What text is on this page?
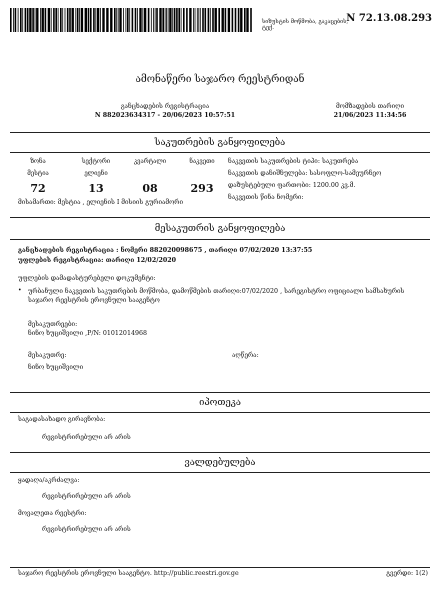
სიზუსტის მოწმობა, გაკაცების, ტექ.
N 72.13.08.293
ამონაწერი საჯარო რეესტრიდან
განცხადების რეგისტრაცია
N 882023634317 - 20/06/2023 10:57:51
მომზადების თარიღი
21/06/2023 11:34:56
საკუთრების განყოფილება
ზონა	სექტორი	კვარტალი	ნაკვეთი
მესტია	ელიენი
72	13	08	293
მისამართი: მესტია , ელიენის I მისიის გურიამორი
ნაკვეთის საკუთრების ტიპი: საკუთრება
ნაკვეთის დანიშნულება: სასოფლო-სამეურნეო
დაზუსტებული ფართობი: 1200.00 კვ.მ.
ნაკვეთის წინა ნომერი:
მესაკუთრის განყოფილება
განცხადების რეგისტრაცია : ნომერი 882020098675 , თარიღი 07/02/2020 13:37:55
უფლების რეგისტრაცია: თარიღი 12/02/2020
უფლების დამადასტურებელი დოკუმენტი:
• ურბანული ნაკვეთის საკუთრების მოწმობა, დამოწმების თარიღი:07/02/2020 , სარეგისტრო ოფიციალი სამსახურის საჯარო რეესტრის ეროვნული სააგენტო
მესაკუთრეები:
ნინო ხუციშვილი ,P/N: 01012014968
მესაკუთრე:
ნინო ხუციშვილი
აღწერა:
იპოთეკა
საგადასახადო გირავნობა:
რეგისტრირებული არ არის
ვალდებულება
ყადაღა/აკრძალვა:
რეგისტრირებული არ არის
მოვალეთა რეესტრი:
რეგისტრირებული არ არის
საჯარო რეესტრის ეროვნული სააგენტო. http://public.reestri.gov.ge	გვერდი: 1(2)
